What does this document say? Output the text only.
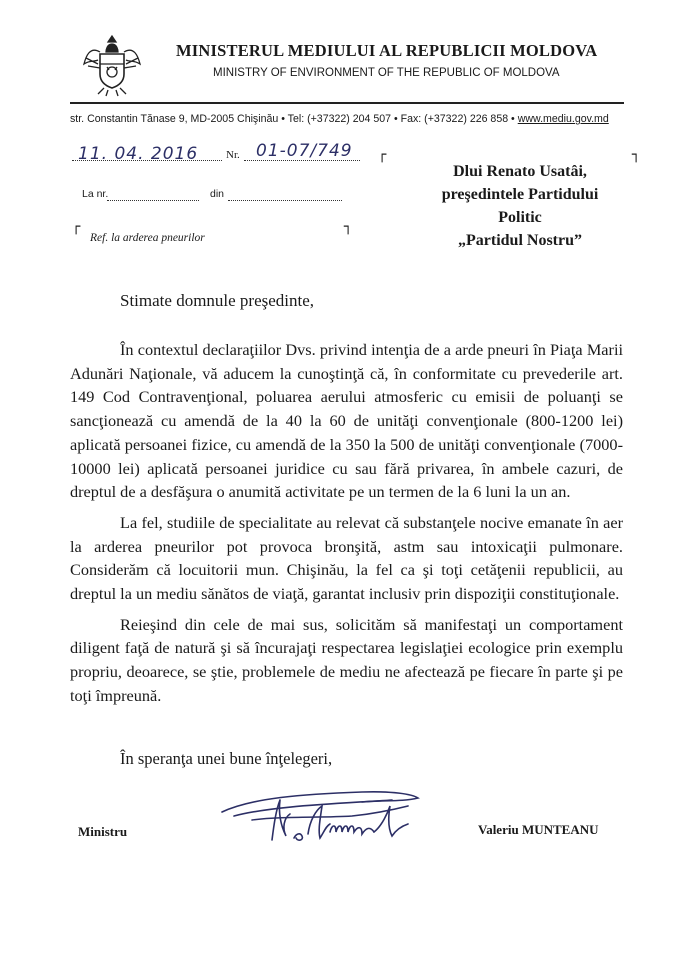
MINISTERUL MEDIULUI AL REPUBLICII MOLDOVA
MINISTRY OF ENVIRONMENT OF THE REPUBLIC OF MOLDOVA
str. Constantin Tănase 9, MD-2005 Chişinău • Tel: (+37322) 204 507 • Fax: (+37322) 226 858 • www.mediu.gov.md
11. 04. 2016	Nr. 01-07/749
La nr.	din
┌	┐
┌	┐
Ref. la arderea pneurilor
Dlui Renato Usatâi,
preşedintele Partidului Politic
„Partidul Nostru”
Stimate domnule preşedinte,

În contextul declaraţiilor Dvs. privind intenţia de a arde pneuri în Piaţa Marii Adunări Naţionale, vă aducem la cunoştinţă că, în conformitate cu prevederile art. 149 Cod Contravenţional, poluarea aerului atmosferic cu emisii de poluanţi se sancţionează cu amendă de la 40 la 60 de unităţi convenţionale (800-1200 lei) aplicată persoanei fizice, cu amendă de la 350 la 500 de unităţi convenţionale (7000-10000 lei) aplicată persoanei juridice cu sau fără privarea, în ambele cazuri, de dreptul de a desfăşura o anumită activitate pe un termen de la 6 luni la un an.

La fel, studiile de specialitate au relevat că substanţele nocive emanate în aer la arderea pneurilor pot provoca bronşită, astm sau intoxicaţii pulmonare. Considerăm că locuitorii mun. Chişinău, la fel ca şi toţi cetăţenii republicii, au dreptul la un mediu sănătos de viaţă, garantat inclusiv prin dispoziţii constituţionale.

Reieşind din cele de mai sus, solicităm să manifestaţi un comportament diligent faţă de natură şi să încurajaţi respectarea legislaţiei ecologice prin exemplu propriu, deoarece, se ştie, problemele de mediu ne afectează pe fiecare în parte şi pe toţi împreună.

În speranţa unei bune înţelegeri,
Ministru	Valeriu MUNTEANU
